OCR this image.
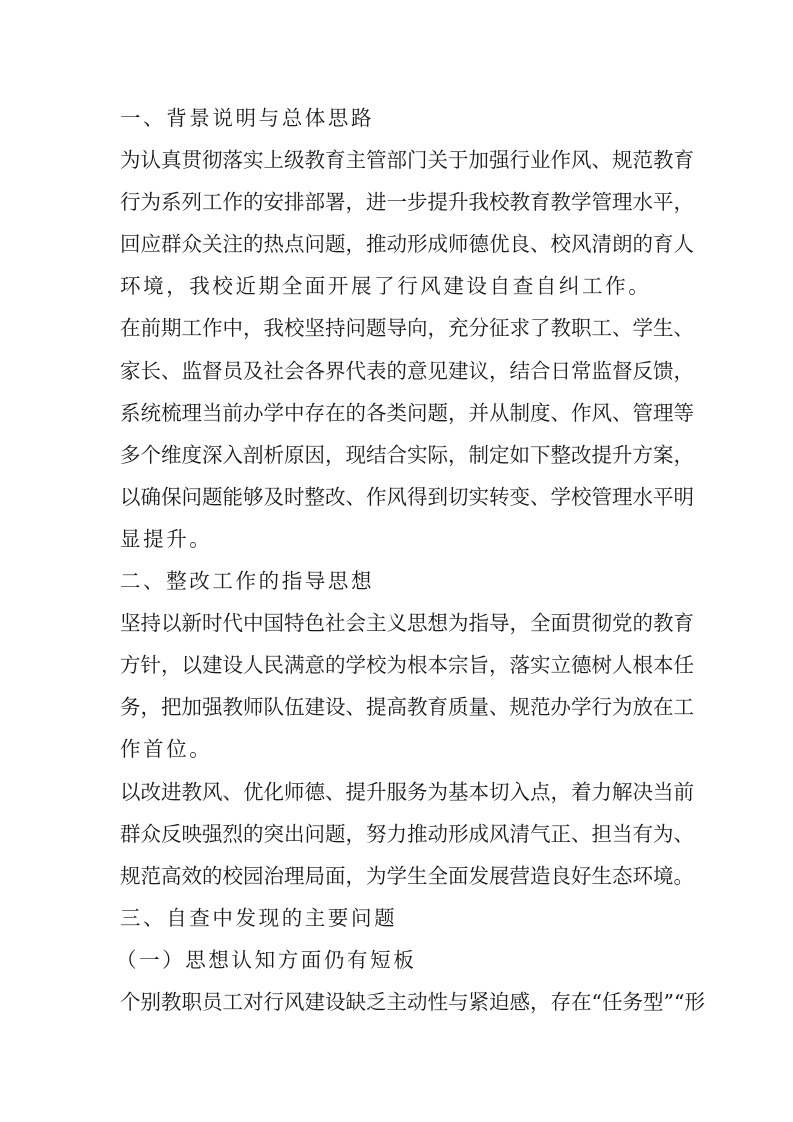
一、背景说明与总体思路
为认真贯彻落实上级教育主管部门关于加强行业作风、规范教育
行为系列工作的安排部署，进一步提升我校教育教学管理水平，
回应群众关注的热点问题，推动形成师德优良、校风清朗的育人
环境，我校近期全面开展了行风建设自查自纠工作。
在前期工作中，我校坚持问题导向，充分征求了教职工、学生、
家长、监督员及社会各界代表的意见建议，结合日常监督反馈，
系统梳理当前办学中存在的各类问题，并从制度、作风、管理等
多个维度深入剖析原因，现结合实际，制定如下整改提升方案，
以确保问题能够及时整改、作风得到切实转变、学校管理水平明
显提升。
二、整改工作的指导思想
坚持以新时代中国特色社会主义思想为指导，全面贯彻党的教育
方针，以建设人民满意的学校为根本宗旨，落实立德树人根本任
务，把加强教师队伍建设、提高教育质量、规范办学行为放在工
作首位。
以改进教风、优化师德、提升服务为基本切入点，着力解决当前
群众反映强烈的突出问题，努力推动形成风清气正、担当有为、
规范高效的校园治理局面，为学生全面发展营造良好生态环境。
三、自查中发现的主要问题
（一）思想认知方面仍有短板
个别教职员工对行风建设缺乏主动性与紧迫感，存在“任务型”“形
